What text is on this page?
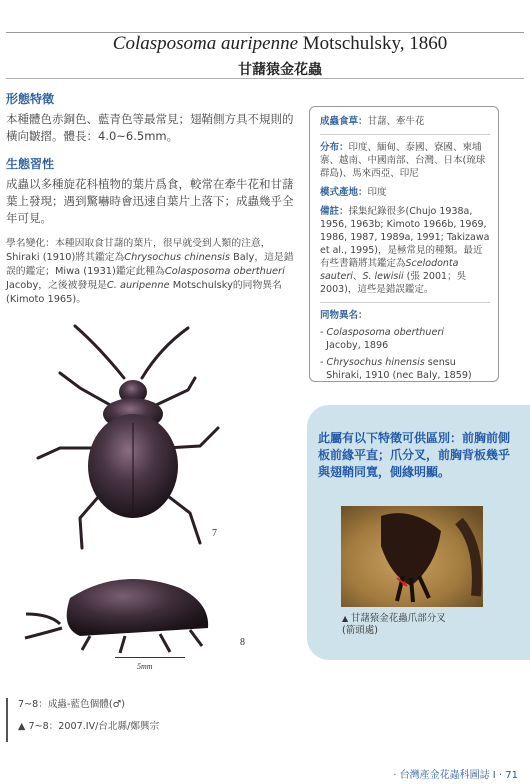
Colasposoma auripenne Motschulsky, 1860
甘藷猿金花蟲
形態特徵
本種體色赤銅色、藍青色等最常見；翅鞘側方具不規則的橫向皺摺。體長：4.0~6.5mm。
生態習性
成蟲以多種旋花科植物的葉片爲食，較常在牽牛花和甘藷葉上發現；遇到驚嚇時會迅速自葉片上落下；成蟲幾乎全年可見。
學名變化：本種因取食甘藷的葉片，很早就受到人類的注意，Shiraki (1910)將其鑑定為Chrysochus chinensis Baly，這是錯誤的鑑定；Miwa (1931)鑑定此種為Colasposoma oberthueri Jacoby，之後被發現是C. auripenne Motschulsky的同物異名(Kimoto 1965)。
成蟲食草：甘藷、牽牛花
分布：印度、緬甸、泰國、寮國、柬埔寨、越南、中國南部、台灣、日本(琉球群島)、馬來西亞、印尼
模式產地：印度
備註：採集紀錄很多(Chujo 1938a, 1956, 1963b; Kimoto 1966b, 1969, 1986, 1987, 1989a, 1991; Takizawa et al., 1995)，是極常見的種類。最近有些書籍將其鑑定為Scelodonta sauteri、S. lewisii (張 2001；吳 2003)，這些是錯誤鑑定。
同物異名：
- Colasposoma oberthueri
Jacoby, 1896
- Chrysochus hinensis sensu
Shiraki, 1910 (nec Baly, 1859)
7
8
5mm
此屬有以下特徵可供區別：前胸前側板前緣平直；爪分叉，前胸背板幾乎與翅鞘同寬，側緣明顯。
▲ 甘藷猿金花蟲爪部分叉
(箭頭處)
7~8：成蟲-藍色個體(♂)
▲ 7~8：2007.IV/台北縣/鄭興宗
· 台灣產金花蟲科圖誌 I · 71
